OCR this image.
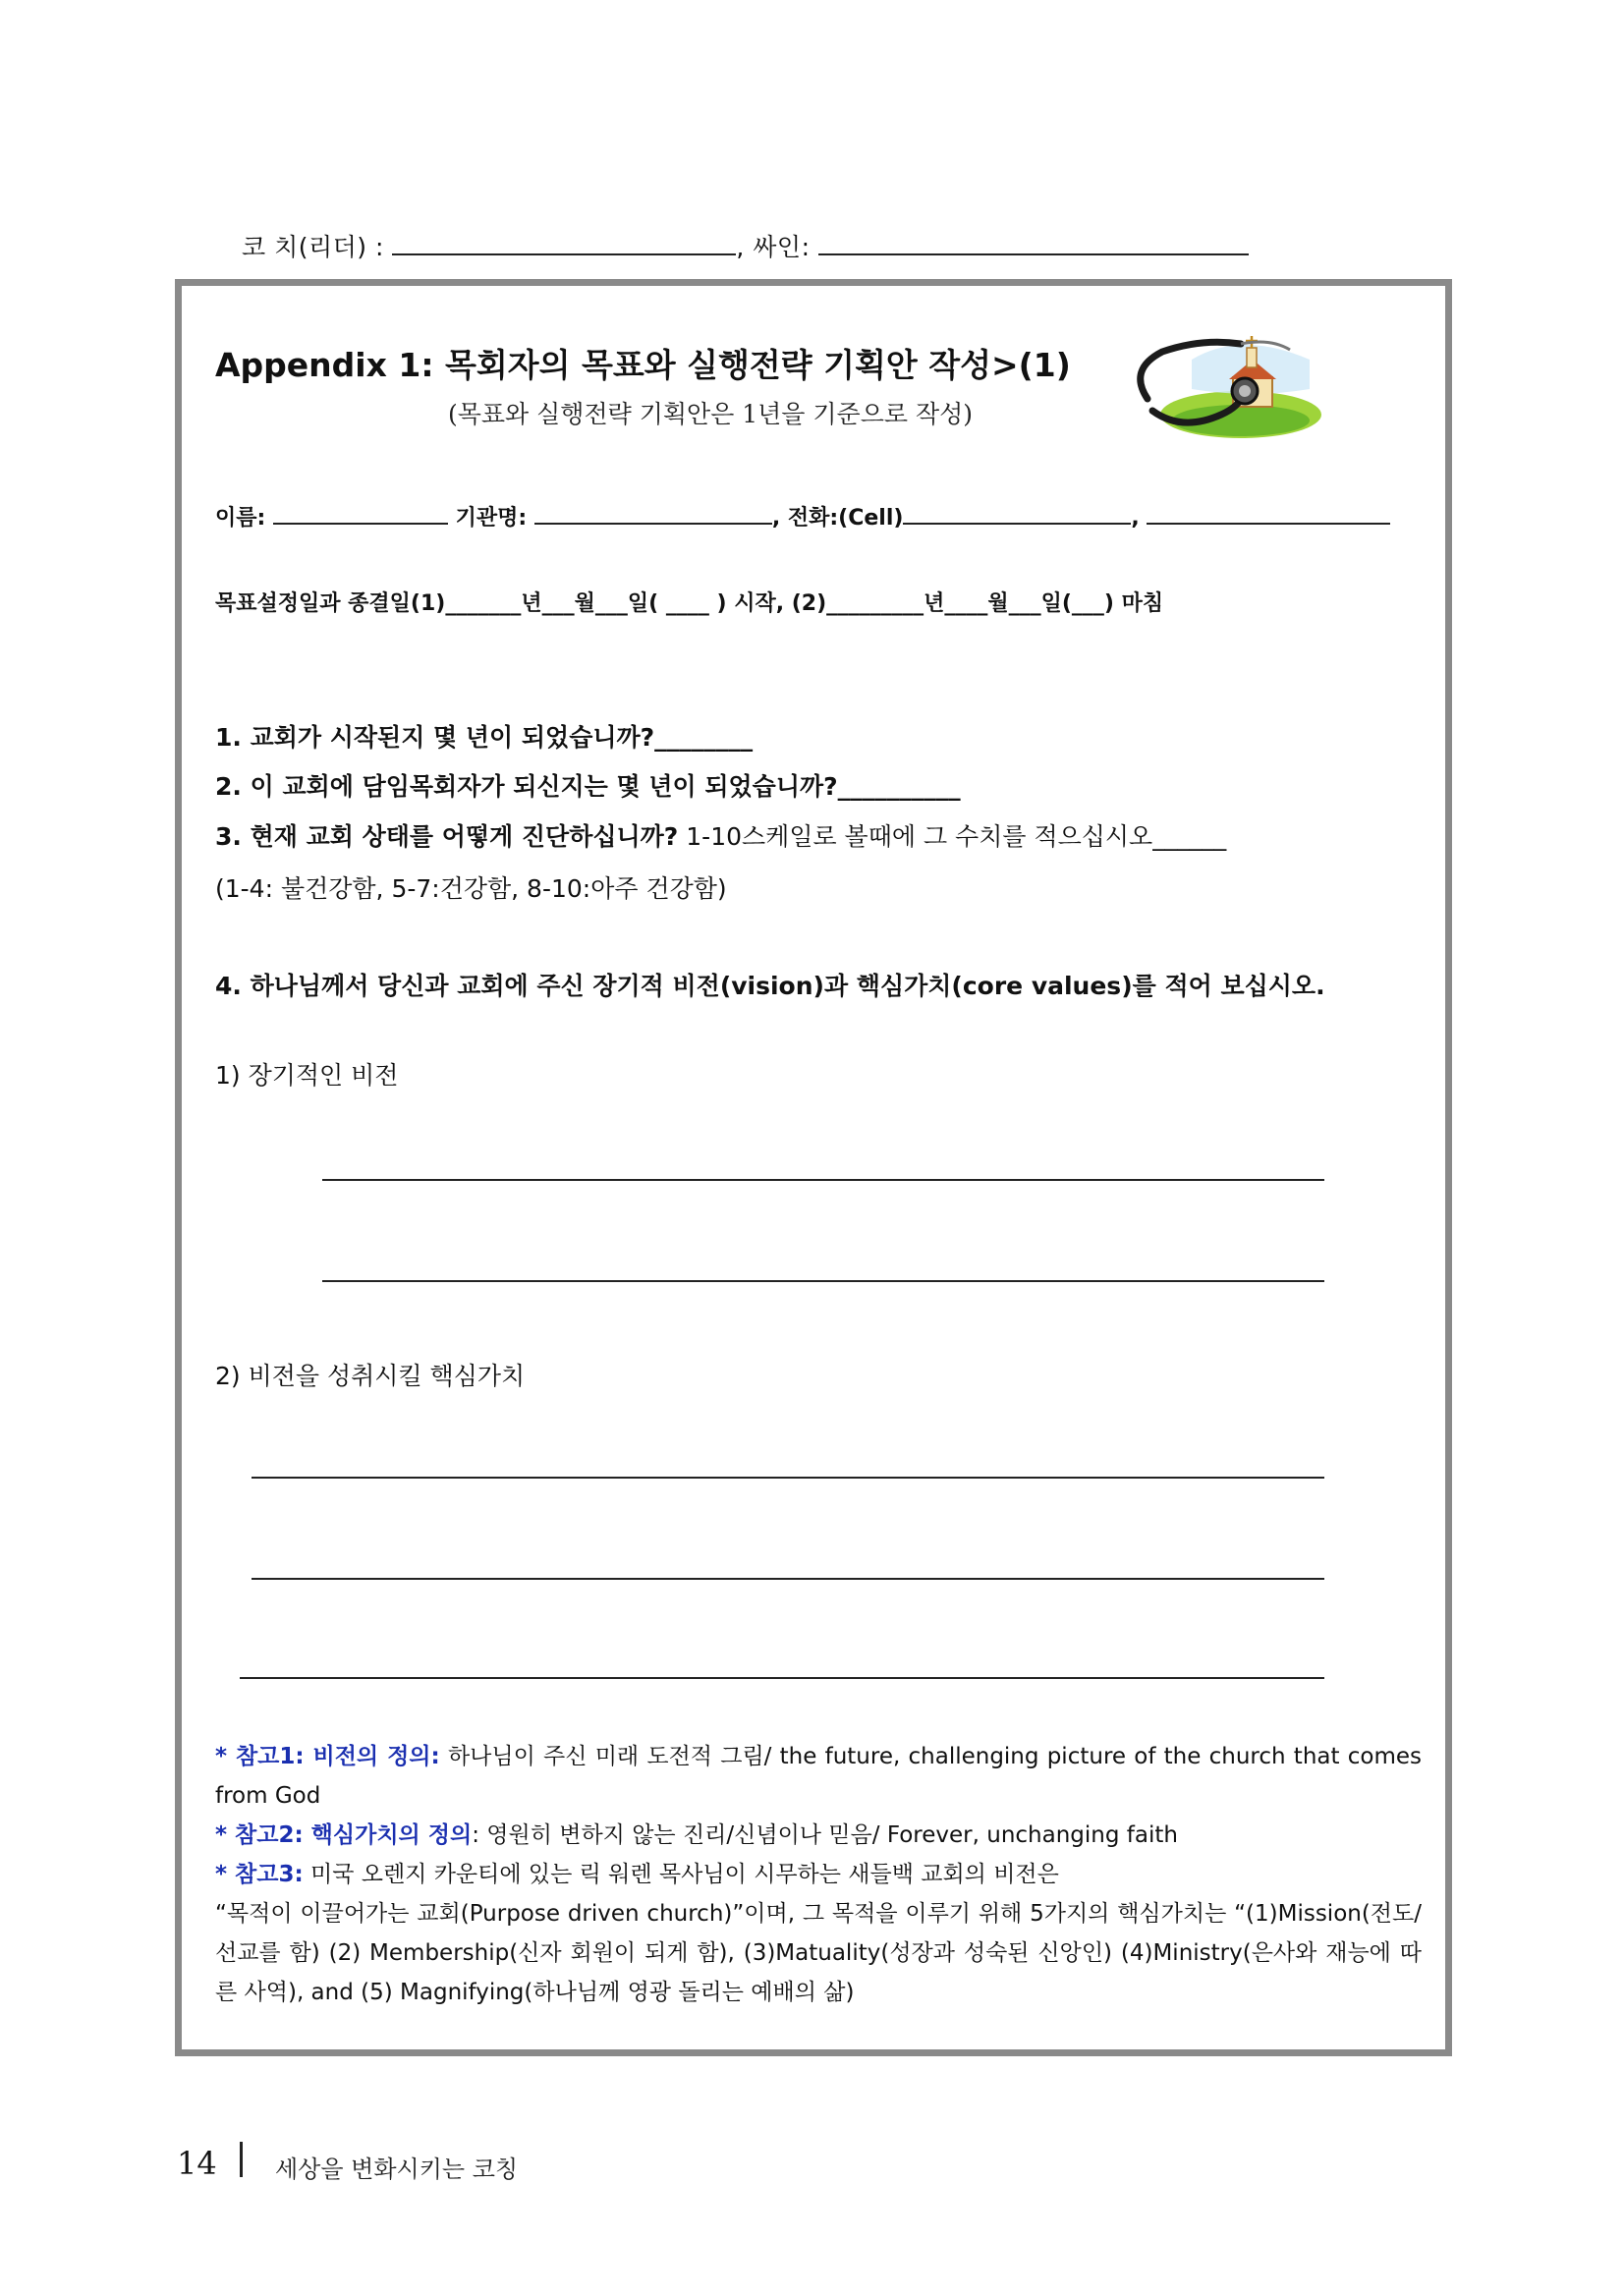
코 치(리더) :	, 싸인:
Appendix 1: 목회자의 목표와 실행전략 기획안 작성>(1)
(목표와 실행전략 기획안은 1년을 기준으로 작성)
이름:	기관명:	, 전화:(Cell)	,
목표설정일과 종결일(1)_______년___월___일( ____ ) 시작, (2)_________년____월___일(___) 마침
1. 교회가 시작된지 몇 년이 되었습니까?________
2. 이 교회에 담임목회자가 되신지는 몇 년이 되었습니까?__________
3. 현재 교회 상태를 어떻게 진단하십니까? 1-10스케일로 볼때에 그 수치를 적으십시오______
(1-4: 불건강함, 5-7:건강함, 8-10:아주 건강함)
4. 하나님께서 당신과 교회에 주신 장기적 비전(vision)과 핵심가치(core values)를 적어 보십시오.
1) 장기적인 비전
2) 비전을 성취시킬 핵심가치

* 참고1: 비전의 정의: 하나님이 주신 미래 도전적 그림/ the future, challenging picture of the church that comes from God

* 참고2: 핵심가치의 정의: 영원히 변하지 않는 진리/신념이나 믿음/ Forever, unchanging faith

* 참고3: 미국 오렌지 카운티에 있는 릭 워렌 목사님이 시무하는 새들백 교회의 비전은

“목적이 이끌어가는 교회(Purpose driven church)”이며, 그 목적을 이루기 위해 5가지의 핵심가치는 “(1)Mission(전도/선교를 함) (2) Membership(신자 회원이 되게 함), (3)Matuality(성장과 성숙된 신앙인) (4)Ministry(은사와 재능에 따른 사역), and (5) Magnifying(하나님께 영광 돌리는 예배의 삶)

14 세상을 변화시키는 코칭
